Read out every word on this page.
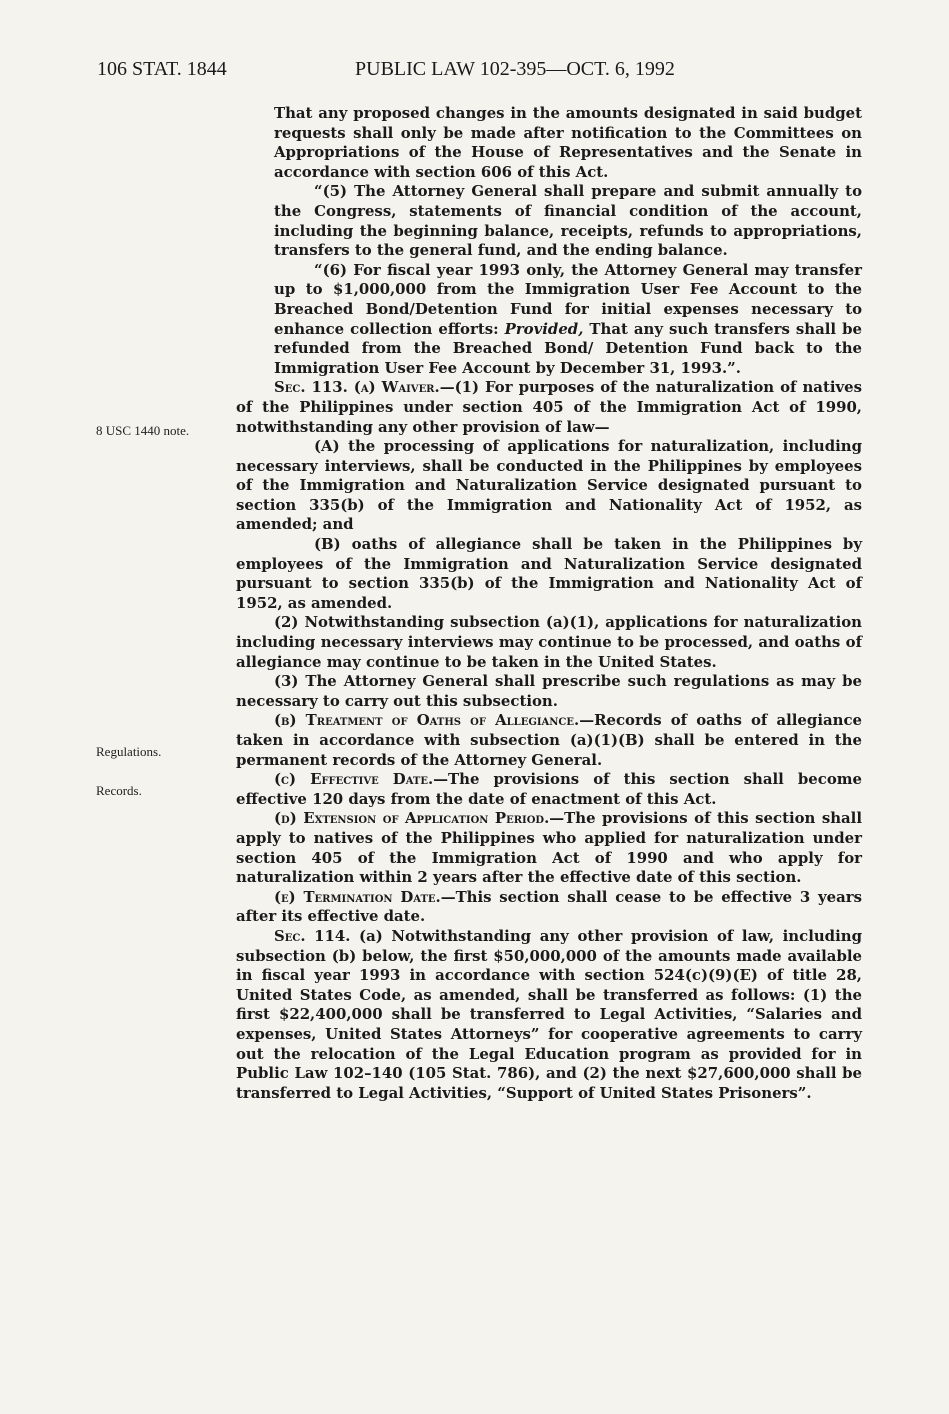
106 STAT. 1844	PUBLIC LAW 102-395—OCT. 6, 1992
8 USC 1440 note.
Regulations.
Records.

That any proposed changes in the amounts designated in said budget requests shall only be made after notification to the Committees on Appropriations of the House of Representatives and the Senate in accordance with section 606 of this Act.

“(5) The Attorney General shall prepare and submit annually to the Congress, statements of financial condition of the account, including the beginning balance, receipts, refunds to appropriations, transfers to the general fund, and the ending balance.

“(6) For fiscal year 1993 only, the Attorney General may transfer up to $1,000,000 from the Immigration User Fee Account to the Breached Bond/Detention Fund for initial expenses necessary to enhance collection efforts: Provided, That any such transfers shall be refunded from the Breached Bond/ Detention Fund back to the Immigration User Fee Account by December 31, 1993.”.

Sec. 113. (a) Waiver.—(1) For purposes of the naturalization of natives of the Philippines under section 405 of the Immigration Act of 1990, notwithstanding any other provision of law—

(A) the processing of applications for naturalization, including necessary interviews, shall be conducted in the Philippines by employees of the Immigration and Naturalization Service designated pursuant to section 335(b) of the Immigration and Nationality Act of 1952, as amended; and

(B) oaths of allegiance shall be taken in the Philippines by employees of the Immigration and Naturalization Service designated pursuant to section 335(b) of the Immigration and Nationality Act of 1952, as amended.

(2) Notwithstanding subsection (a)(1), applications for naturalization including necessary interviews may continue to be processed, and oaths of allegiance may continue to be taken in the United States.

(3) The Attorney General shall prescribe such regulations as may be necessary to carry out this subsection.

(b) Treatment of Oaths of Allegiance.—Records of oaths of allegiance taken in accordance with subsection (a)(1)(B) shall be entered in the permanent records of the Attorney General.

(c) Effective Date.—The provisions of this section shall become effective 120 days from the date of enactment of this Act.

(d) Extension of Application Period.—The provisions of this section shall apply to natives of the Philippines who applied for naturalization under section 405 of the Immigration Act of 1990 and who apply for naturalization within 2 years after the effective date of this section.

(e) Termination Date.—This section shall cease to be effective 3 years after its effective date.

Sec. 114. (a) Notwithstanding any other provision of law, including subsection (b) below, the first $50,000,000 of the amounts made available in fiscal year 1993 in accordance with section 524(c)(9)(E) of title 28, United States Code, as amended, shall be transferred as follows: (1) the first $22,400,000 shall be transferred to Legal Activities, “Salaries and expenses, United States Attorneys” for cooperative agreements to carry out the relocation of the Legal Education program as provided for in Public Law 102–140 (105 Stat. 786), and (2) the next $27,600,000 shall be transferred to Legal Activities, “Support of United States Prisoners”.
